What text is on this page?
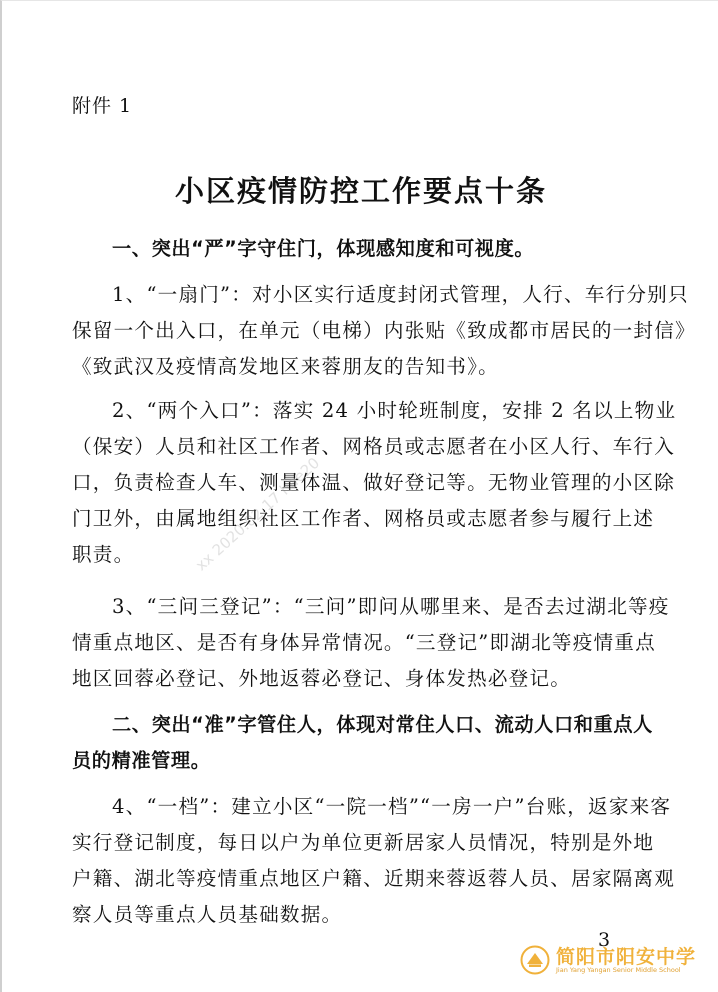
附件 1
小区疫情防控工作要点十条
一、突出“严”字守住门，体现感知度和可视度。
1、“一扇门”：对小区实行适度封闭式管理，人行、车行分别只
保留一个出入口，在单元（电梯）内张贴《致成都市居民的一封信》
《致武汉及疫情高发地区来蓉朋友的告知书》。
2、“两个入口”：落实 24 小时轮班制度，安排 2 名以上物业
（保安）人员和社区工作者、网格员或志愿者在小区人行、车行入
口，负责检查人车、测量体温、做好登记等。无物业管理的小区除
门卫外，由属地组织社区工作者、网格员或志愿者参与履行上述
职责。
3、“三问三登记”：“三问”即问从哪里来、是否去过湖北等疫
情重点地区、是否有身体异常情况。“三登记”即湖北等疫情重点
地区回蓉必登记、外地返蓉必登记、身体发热必登记。
二、突出“准”字管住人，体现对常住人口、流动人口和重点人
员的精准管理。
4、“一档”：建立小区“一院一档”“一房一户”台账，返家来客
实行登记制度，每日以户为单位更新居家人员情况，特别是外地
户籍、湖北等疫情重点地区户籍、近期来蓉返蓉人员、居家隔离观
察人员等重点人员基础数据。
xx 2020.02.17 hae20
3
简阳市阳安中学
Jian Yang Yangan Senior Middle School
